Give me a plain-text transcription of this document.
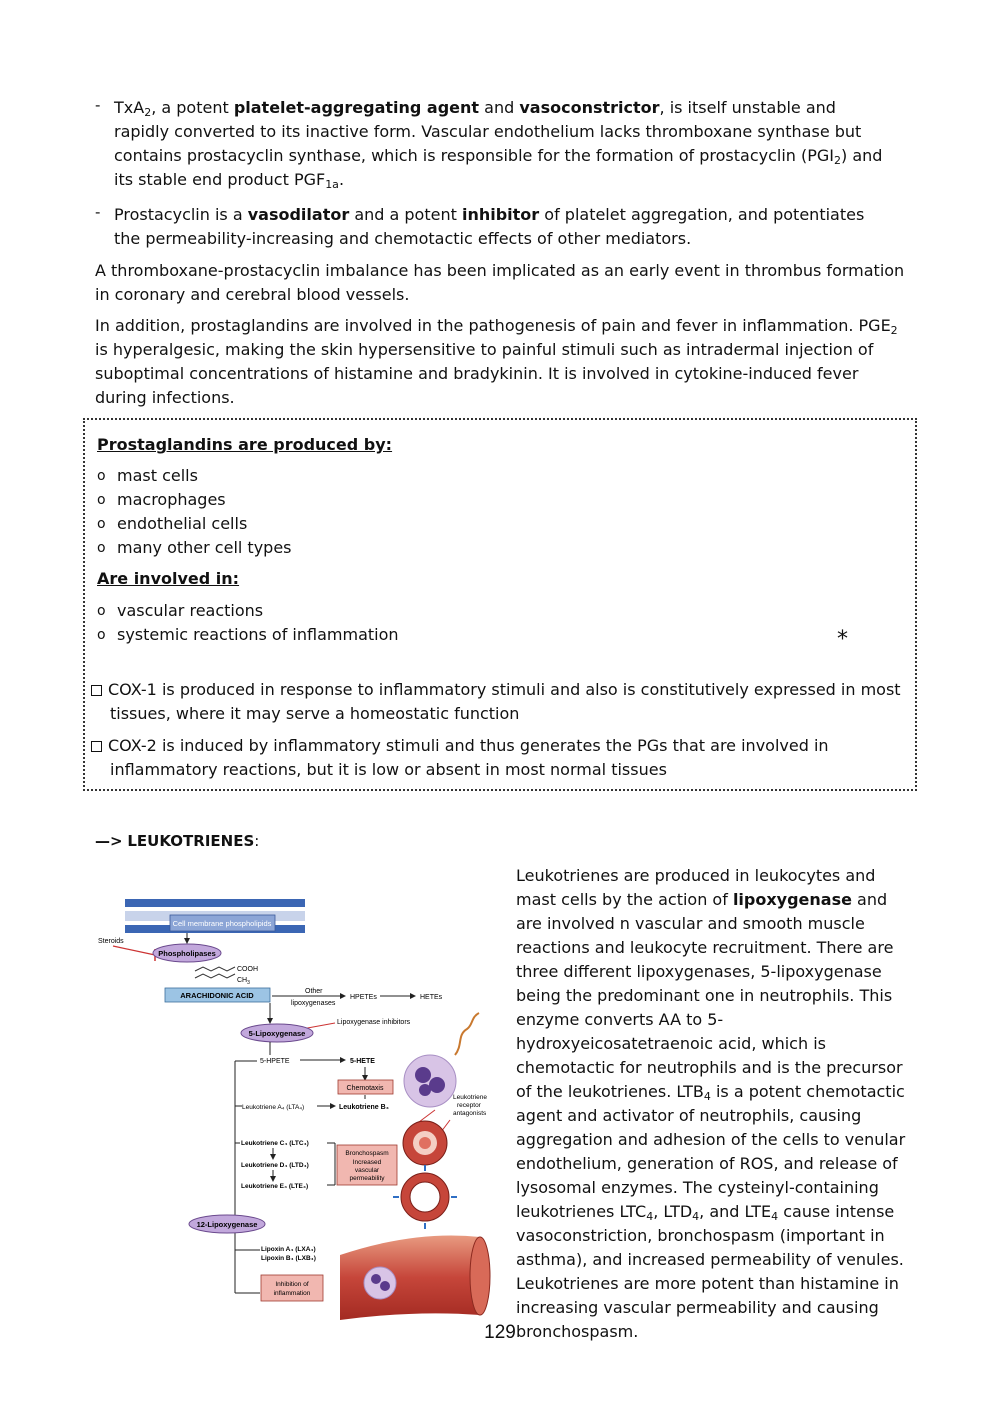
- TxA$_2$, a potent platelet-aggregating agent and vasoconstrictor, is itself unstable and rapidly converted to its inactive form. Vascular endothelium lacks thromboxane synthase but contains prostacyclin synthase, which is responsible for the formation of prostacyclin $(PGI_2)$ and its stable end product $PGF_{1a}$.
- Prostacyclin is a vasodilator and a potent inhibitor of platelet aggregation, and potentiates the permeability-increasing and chemotactic effects of other mediators.

A thromboxane-prostacyclin imbalance has been implicated as an early event in thrombus formation in coronary and cerebral blood vessels.

In addition, prostaglandins are involved in the pathogenesis of pain and fever in inflammation. $PGE_2$ is hyperalgesic, making the skin hypersensitive to painful stimuli such as intradermal injection of suboptimal concentrations of histamine and bradykinin. It is involved in cytokine-induced fever during infections.

Prostaglandins are produced by:
o mast cells
o macrophages
o endothelial cells
o many other cell types
Are involved in:
o vascular reactions
o systemic reactions of inflammation	*
COX-1 is produced in response to inflammatory stimuli and also is constitutively expressed in most
tissues, where it may serve a homeostatic function
COX-2 is induced by inflammatory stimuli and thus generates the PGs that are involved in
inflammatory reactions, but it is low or absent in most normal tissues
—> LEUKOTRIENES:

Leukotrienes are produced in leukocytes and mast cells by the action of lipoxygenase and are involved n vascular and smooth muscle reactions and leukocyte recruitment. There are three different lipoxygenases, 5-lipoxygenase being the predominant one in neutrophils. This enzyme converts AA to 5-hydroxyeicosatetraenoic acid, which is chemotactic for neutrophils and is the precursor of the leukotrienes. $LTB_4$ is a potent chemotactic agent and activator of neutrophils, causing aggregation and adhesion of the cells to venular endothelium, generation of ROS, and release of lysosomal enzymes. The cysteinyl-containing leukotrienes $LTC_4$, $LTD_4$, and $LTE_4$ cause intense vasoconstriction, bronchospasm (important in asthma), and increased permeability of venules. Leukotrienes are more potent than histamine in increasing vascular permeability and causing bronchospasm.

Cell membrane phospholipids
Steroids
Phospholipases
COOH
$CH_3$
ARACHIDONIC ACID	Other
lipoxygenases
HPETEs	HETEs
Lipoxygenase inhibitors
5-Lipoxygenase
5-HPETE	5-HETE
Chemotaxis
Leukotriene A₄ (LTA₄)	Leukotriene B₄
Leukotriene
receptor
antagonists
Leukotriene C₄ (LTC₄)
Leukotriene D₄ (LTD₄)
Leukotriene E₄ (LTE₄)
Bronchospasm
Increased
vascular
permeability
12-Lipoxygenase
Lipoxin A₄ (LXA₄)
Lipoxin B₄ (LXB₄)
Inhibition of
inflammation
129
